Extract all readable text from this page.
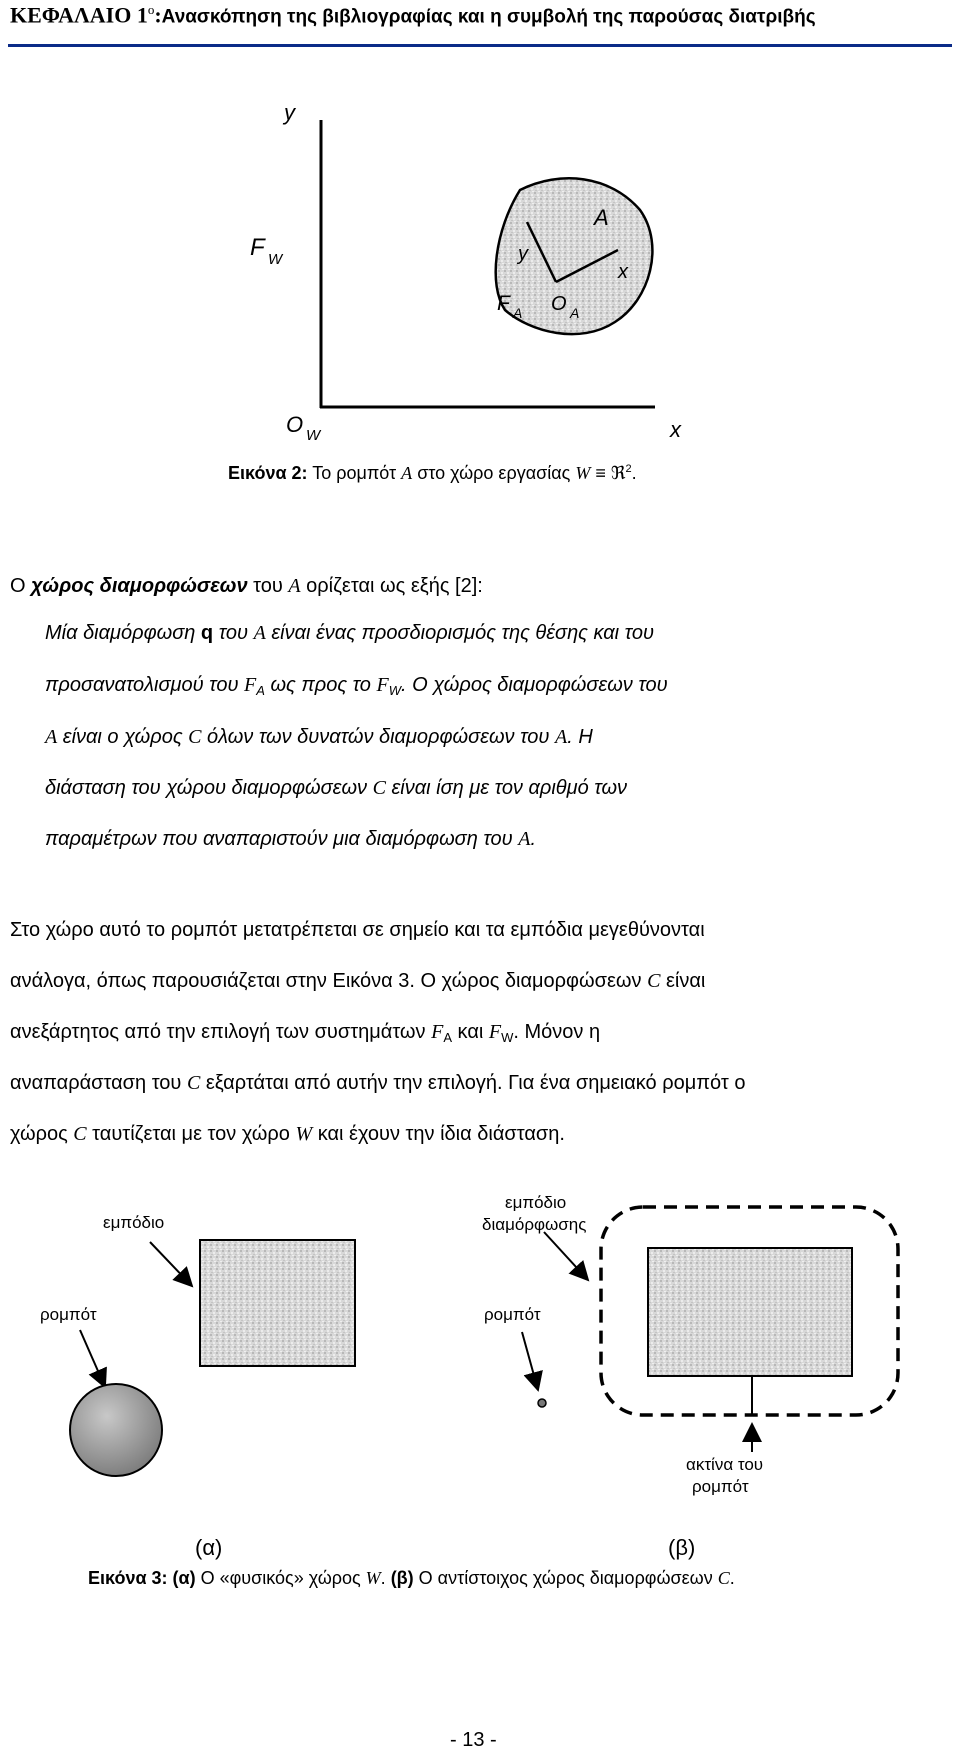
ΚΕΦΑΛΑΙΟ $1^o:A\nu\alpha\sigma\kappa ό\pi\eta\sigma\eta$ της βιβλιογραφίας και η συμβολή της παρούσας διατριβής
y
x
O W
F W
A
y
x
O A
F A
Εικόνα 2: Το ρομπότ A στο χώρο εργασίας W ≡ ℜ$^2$.
Ο χώρος διαμορφώσεων του A ορίζεται ως εξής [2]:
Μία διαμόρφωση q του A είναι ένας προσδιορισμός της θέσης και του
προσανατολισμού του $F_A$ ως προς το $F_W$. Ο χώρος διαμορφώσεων του
A είναι ο χώρος C όλων των δυνατών διαμορφώσεων του A. Η
διάσταση του χώρου διαμορφώσεων C είναι ίση με τον αριθμό των
παραμέτρων που αναπαριστούν μια διαμόρφωση του A.
Στο χώρο αυτό το ρομπότ μετατρέπεται σε σημείο και τα εμπόδια μεγεθύνονται
ανάλογα, όπως παρουσιάζεται στην Εικόνα 3. Ο χώρος διαμορφώσεων C είναι
ανεξάρτητος από την επιλογή των συστημάτων $F_A$ και $F_W$. Μόνον η
αναπαράσταση του C εξαρτάται από αυτήν την επιλογή. Για ένα σημειακό ρομπότ ο
χώρος C ταυτίζεται με τον χώρο W και έχουν την ίδια διάσταση.
εμπόδιο
ρομπότ
εμπόδιο
διαμόρφωσης
ρομπότ
ακτίνα του
ρομπότ
(α)	(β)
Εικόνα 3: (α) Ο «φυσικός» χώρος W. (β) Ο αντίστοιχος χώρος διαμορφώσεων C.
- 13 -
